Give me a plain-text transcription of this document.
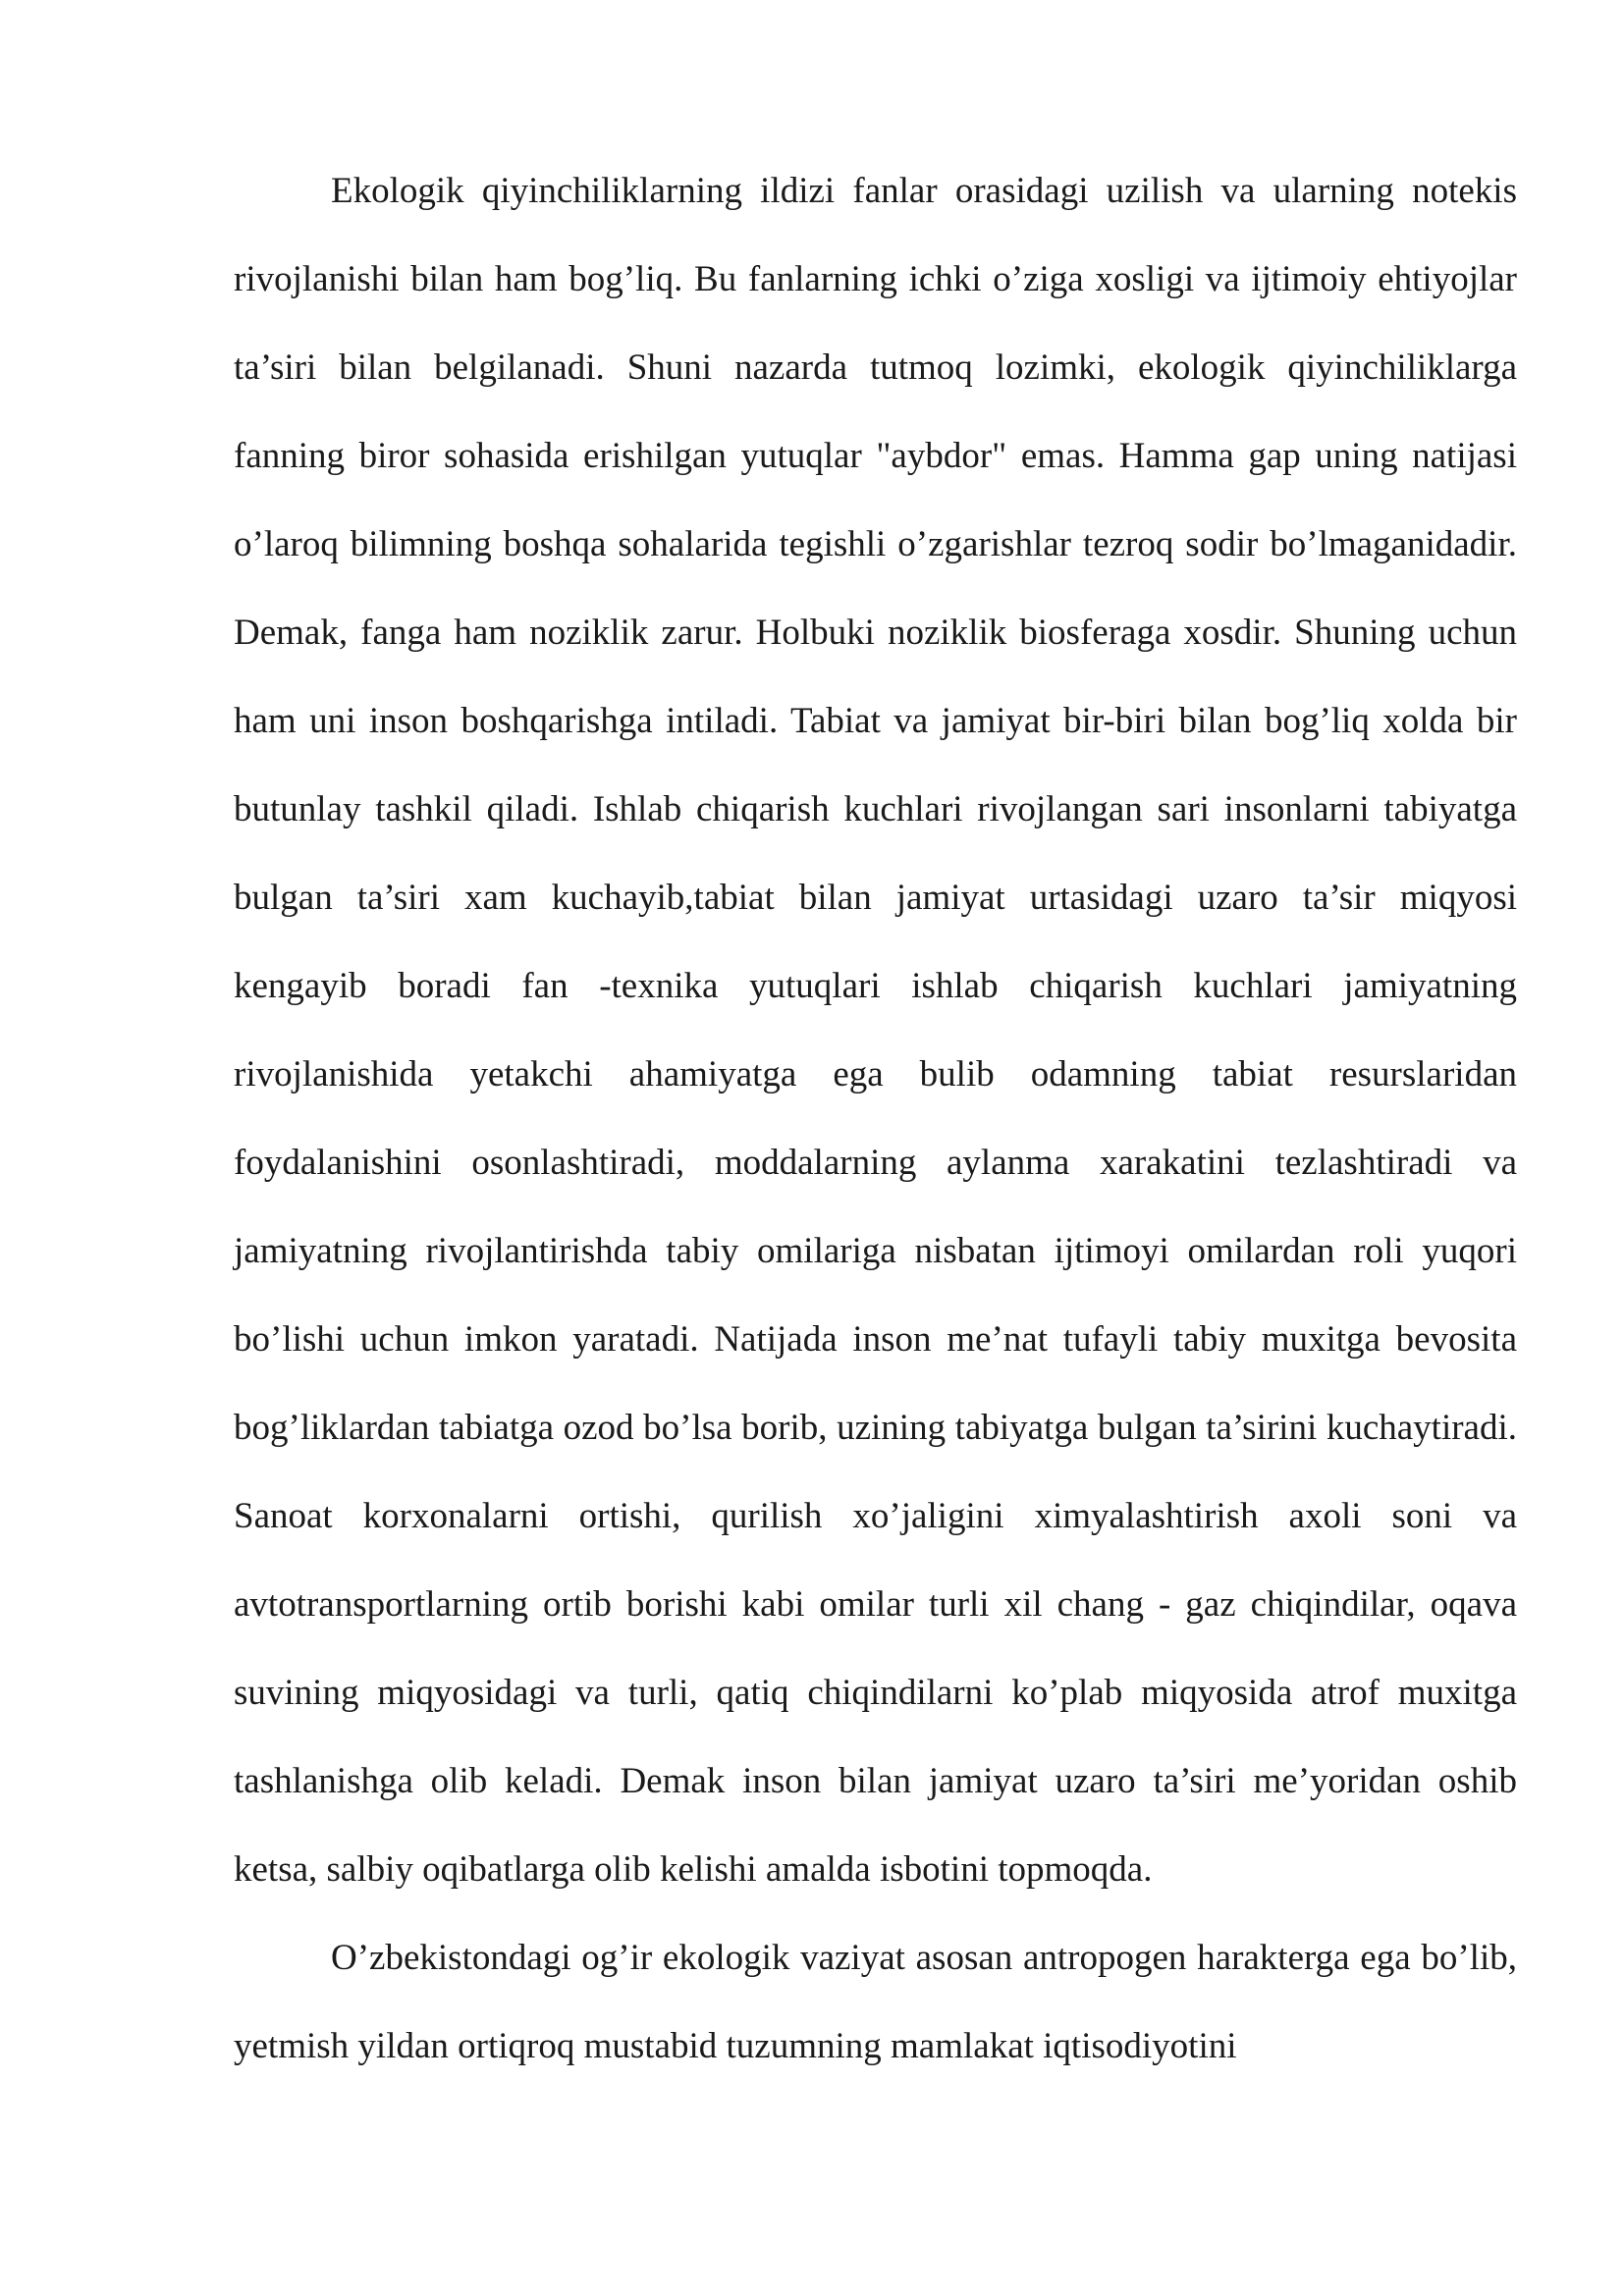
Ekologik qiyinchiliklarning ildizi fanlar orasidagi uzilish va ularning notekis rivojlanishi bilan ham bog’liq. Bu fanlarning ichki o’ziga xosligi va ijtimoiy ehtiyojlar ta’siri bilan belgilanadi. Shuni nazarda tutmoq lozimki, ekologik qiyinchiliklarga fanning biror sohasida erishilgan yutuqlar "aybdor" emas. Hamma gap uning natijasi o’laroq bilimning boshqa sohalarida tegishli o’zgarishlar tezroq sodir bo’lmaganidadir. Demak, fanga ham noziklik zarur. Holbuki noziklik biosferaga xosdir. Shuning uchun ham uni inson boshqarishga intiladi. Tabiat va jamiyat bir-biri bilan bog’liq xolda bir butunlay tashkil qiladi. Ishlab chiqarish kuchlari rivojlangan sari insonlarni tabiyatga bulgan ta’siri xam kuchayib,tabiat bilan jamiyat urtasidagi uzaro ta’sir miqyosi kengayib boradi fan -texnika yutuqlari ishlab chiqarish kuchlari jamiyatning rivojlanishida yetakchi ahamiyatga ega bulib odamning tabiat resurslaridan foydalanishini osonlashtiradi, moddalarning aylanma xarakatini tezlashtiradi va jamiyatning rivojlantirishda tabiy omilariga nisbatan ijtimoyi omilardan roli yuqori bo’lishi uchun imkon yaratadi. Natijada inson me’nat tufayli tabiy muxitga bevosita bog’liklardan tabiatga ozod bo’lsa borib, uzining tabiyatga bulgan ta’sirini kuchaytiradi. Sanoat korxonalarni ortishi, qurilish xo’jaligini ximyalashtirish axoli soni va avtotransportlarning ortib borishi kabi omilar turli xil chang - gaz chiqindilar, oqava suvining miqyosidagi va turli, qatiq chiqindilarni ko’plab miqyosida atrof muxitga tashlanishga olib keladi. Demak inson bilan jamiyat uzaro ta’siri me’yoridan oshib ketsa, salbiy oqibatlarga olib kelishi amalda isbotini topmoqda.

O’zbekistondagi og’ir ekologik vaziyat asosan antropogen harakterga ega bo’lib, yetmish yildan ortiqroq mustabid tuzumning mamlakat iqtisodiyotini
